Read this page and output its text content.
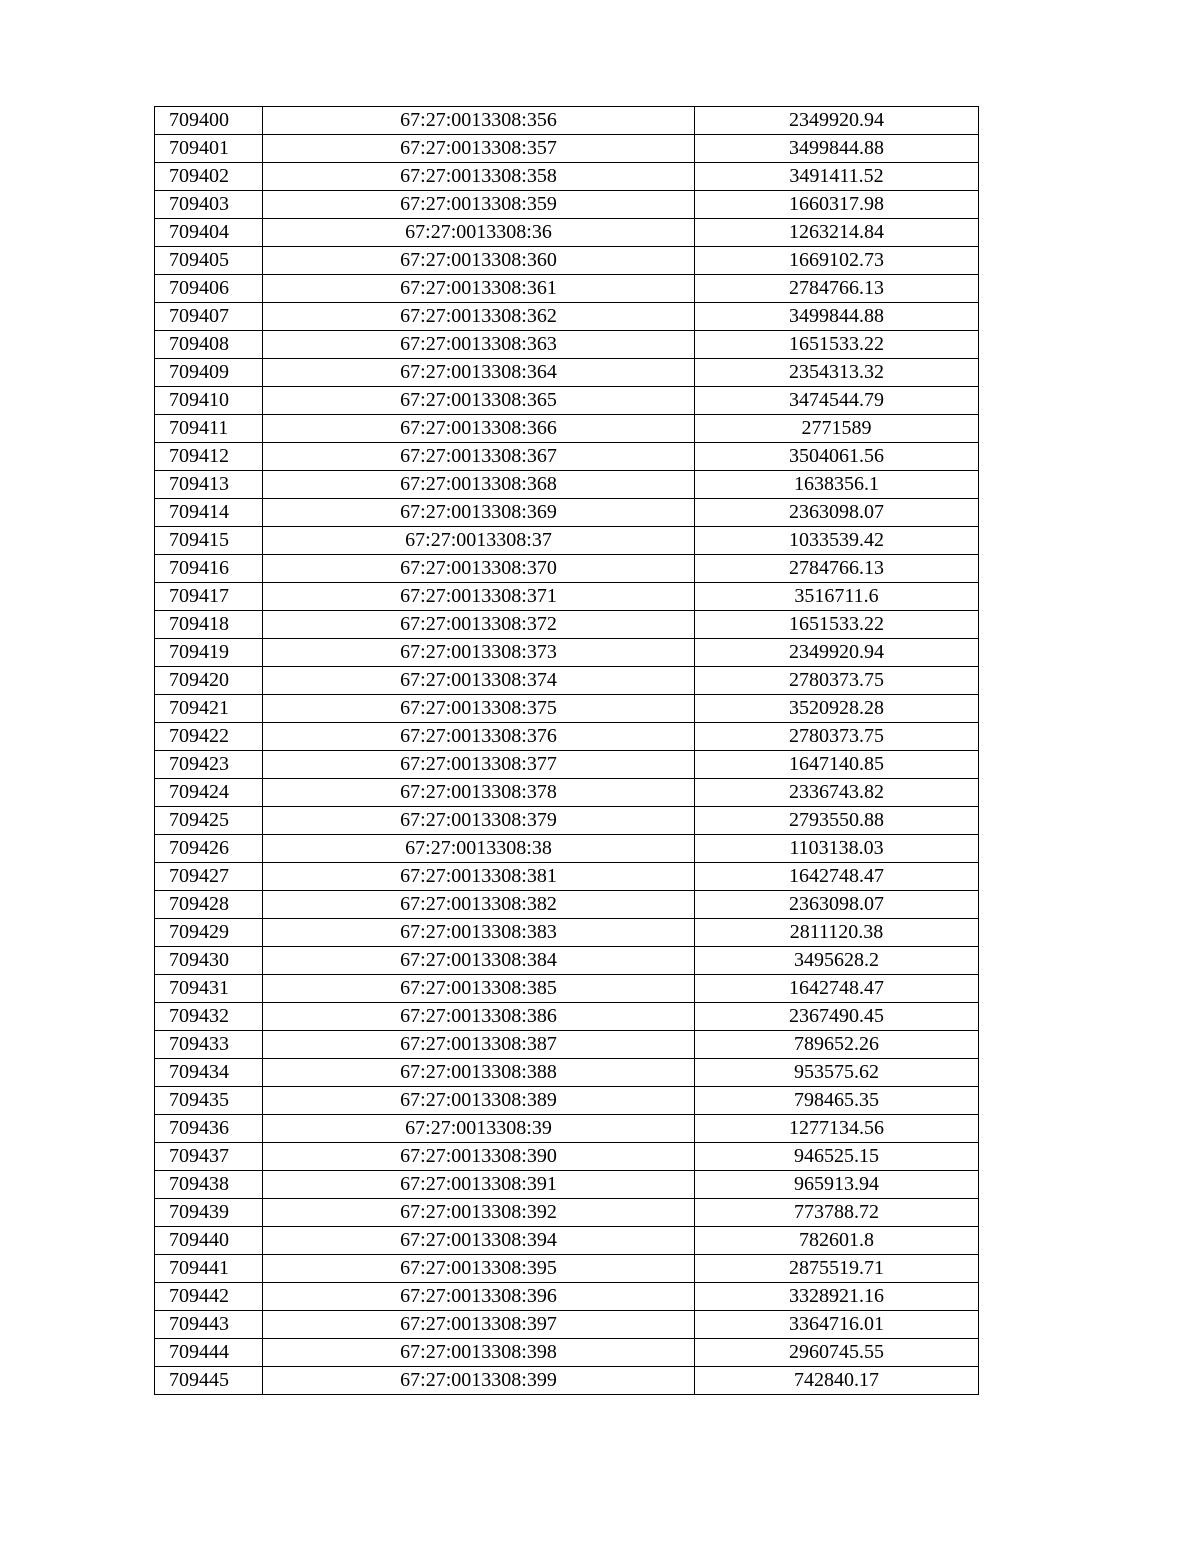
709400	67:27:0013308:356	2349920.94
709401	67:27:0013308:357	3499844.88
709402	67:27:0013308:358	3491411.52
709403	67:27:0013308:359	1660317.98
709404	67:27:0013308:36	1263214.84
709405	67:27:0013308:360	1669102.73
709406	67:27:0013308:361	2784766.13
709407	67:27:0013308:362	3499844.88
709408	67:27:0013308:363	1651533.22
709409	67:27:0013308:364	2354313.32
709410	67:27:0013308:365	3474544.79
709411	67:27:0013308:366	2771589
709412	67:27:0013308:367	3504061.56
709413	67:27:0013308:368	1638356.1
709414	67:27:0013308:369	2363098.07
709415	67:27:0013308:37	1033539.42
709416	67:27:0013308:370	2784766.13
709417	67:27:0013308:371	3516711.6
709418	67:27:0013308:372	1651533.22
709419	67:27:0013308:373	2349920.94
709420	67:27:0013308:374	2780373.75
709421	67:27:0013308:375	3520928.28
709422	67:27:0013308:376	2780373.75
709423	67:27:0013308:377	1647140.85
709424	67:27:0013308:378	2336743.82
709425	67:27:0013308:379	2793550.88
709426	67:27:0013308:38	1103138.03
709427	67:27:0013308:381	1642748.47
709428	67:27:0013308:382	2363098.07
709429	67:27:0013308:383	2811120.38
709430	67:27:0013308:384	3495628.2
709431	67:27:0013308:385	1642748.47
709432	67:27:0013308:386	2367490.45
709433	67:27:0013308:387	789652.26
709434	67:27:0013308:388	953575.62
709435	67:27:0013308:389	798465.35
709436	67:27:0013308:39	1277134.56
709437	67:27:0013308:390	946525.15
709438	67:27:0013308:391	965913.94
709439	67:27:0013308:392	773788.72
709440	67:27:0013308:394	782601.8
709441	67:27:0013308:395	2875519.71
709442	67:27:0013308:396	3328921.16
709443	67:27:0013308:397	3364716.01
709444	67:27:0013308:398	2960745.55
709445	67:27:0013308:399	742840.17
